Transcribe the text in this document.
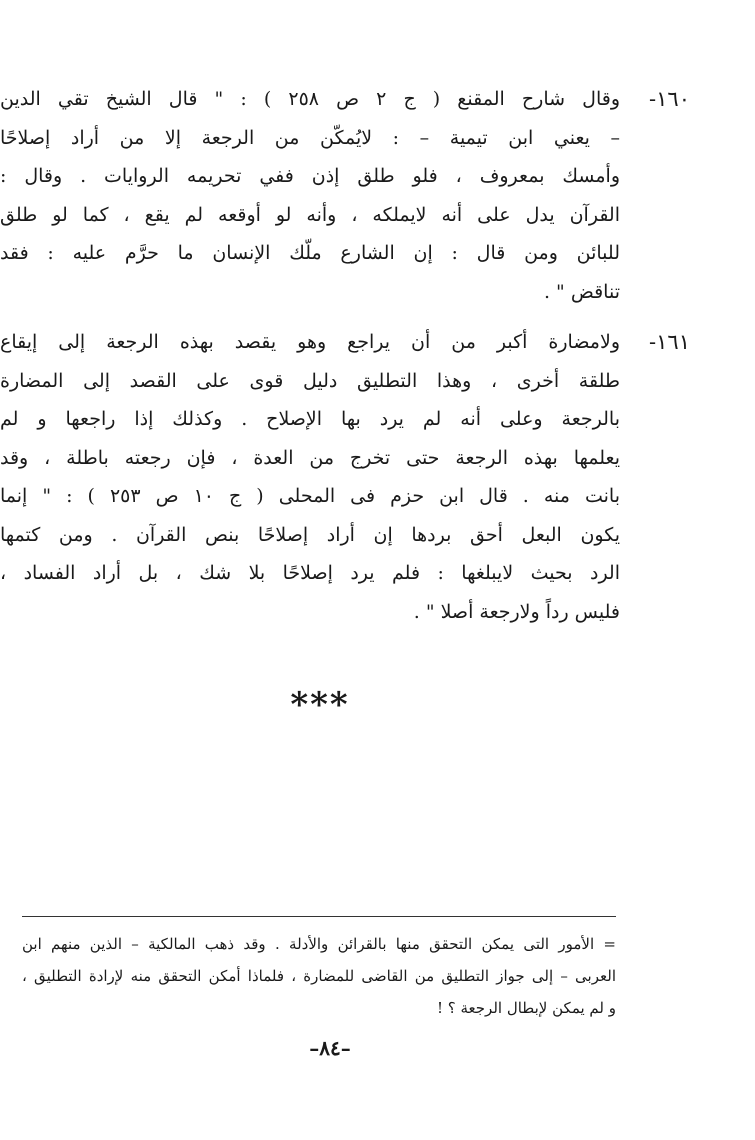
١٦٠-
وقال شارح المقنع ( ج ٢ ص ٢٥٨ ) : " قال الشيخ تقي الدين
– يعني ابن تيمية – : لايُمكّن من الرجعة إلا من أراد إصلاحًا
وأمسك بمعروف ، فلو طلق إذن ففي تحريمه الروايات . وقال :
القرآن يدل على أنه لايملكه ، وأنه لو أوقعه لم يقع ، كما لو طلق
للبائن ومن قال : إن الشارع ملّك الإنسان ما حرَّم عليه : فقد
تناقض " .
١٦١-
ولامضارة أكبر من أن يراجع وهو يقصد بهذه الرجعة إلى إيقاع
طلقة أخرى ، وهذا التطليق دليل قوى على القصد إلى المضارة
بالرجعة وعلى أنه لم يرد بها الإصلاح . وكذلك إذا راجعها و لم
يعلمها بهذه الرجعة حتى تخرج من العدة ، فإن رجعته باطلة ، وقد
بانت منه . قال ابن حزم فى المحلى ( ج ١٠ ص ٢٥٣ ) : " إنما
يكون البعل أحق بردها إن أراد إصلاحًا بنص القرآن . ومن كتمها
الرد بحيث لايبلغها : فلم يرد إصلاحًا بلا شك ، بل أراد الفساد ،
فليس رداً ولارجعة أصلا " .
***
= الأمور التى يمكن التحقق منها بالقرائن والأدلة . وقد ذهب المالكية – الذين منهم ابن
العربى – إلى جواز التطليق من القاضى للمضارة ، فلماذا أمكن التحقق منه لإرادة التطليق ،
و لم يمكن لإبطال الرجعة ؟ !
–٨٤–
